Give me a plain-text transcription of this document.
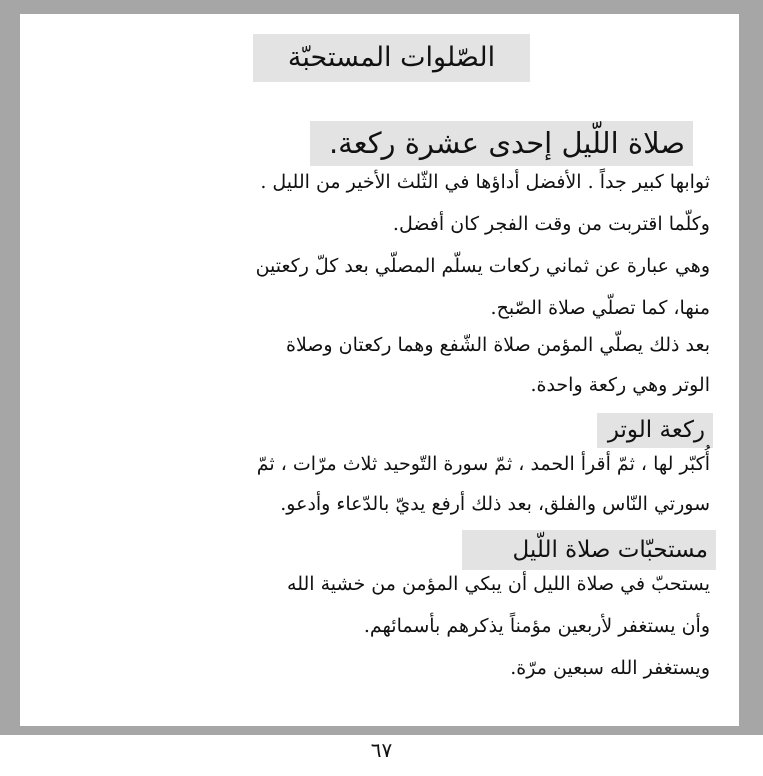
الصّلوات المستحبّة
صلاة اللّيل إحدى عشرة ركعة.
ثوابها كبير جداً . الأفضل أداؤها في الثّلث الأخير من الليل .
وكلّما اقتربت من وقت الفجر كان أفضل.
وهي عبارة عن ثماني ركعات يسلّم المصلّي بعد كلّ ركعتين
منها، كما تصلّي صلاة الصّبح.
بعد ذلك يصلّي المؤمن صلاة الشّفع وهما ركعتان وصلاة
الوتر وهي ركعة واحدة.
ركعة الوتر
أُكبّر لها ، ثمّ أقرأ الحمد ، ثمّ سورة التّوحيد ثلاث مرّات ، ثمّ
سورتي النّاس والفلق، بعد ذلك أرفع يديّ بالدّعاء وأدعو.
مستحبّات صلاة اللّيل
يستحبّ في صلاة الليل أن يبكي المؤمن من خشية الله
وأن يستغفر لأربعين مؤمناً يذكرهم بأسمائهم.
ويستغفر الله سبعين مرّة.
٦٧
